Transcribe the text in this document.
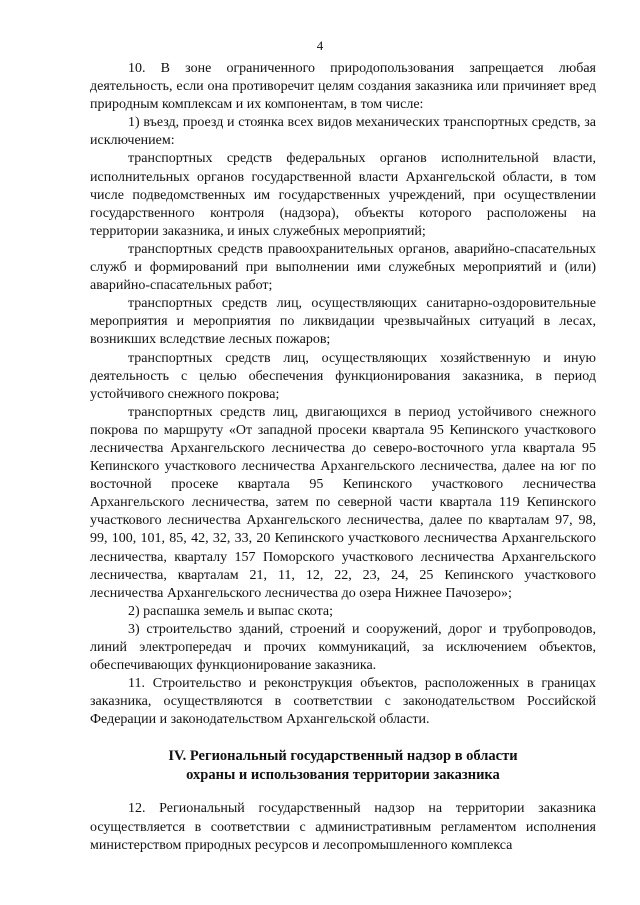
4

10. В зоне ограниченного природопользования запрещается любая деятельность, если она противоречит целям создания заказника или причиняет вред природным комплексам и их компонентам, в том числе:

1) въезд, проезд и стоянка всех видов механических транспортных средств, за исключением:

транспортных средств федеральных органов исполнительной власти, исполнительных органов государственной власти Архангельской области, в том числе подведомственных им государственных учреждений, при осуществлении государственного контроля (надзора), объекты которого расположены на территории заказника, и иных служебных мероприятий;

транспортных средств правоохранительных органов, аварийно-спасательных служб и формирований при выполнении ими служебных мероприятий и (или) аварийно-спасательных работ;

транспортных средств лиц, осуществляющих санитарно-оздоровительные мероприятия и мероприятия по ликвидации чрезвычайных ситуаций в лесах, возникших вследствие лесных пожаров;

транспортных средств лиц, осуществляющих хозяйственную и иную деятельность с целью обеспечения функционирования заказника, в период устойчивого снежного покрова;

транспортных средств лиц, двигающихся в период устойчивого снежного покрова по маршруту «От западной просеки квартала 95 Кепинского участкового лесничества Архангельского лесничества до северо-восточного угла квартала 95 Кепинского участкового лесничества Архангельского лесничества, далее на юг по восточной просеке квартала 95 Кепинского участкового лесничества Архангельского лесничества, затем по северной части квартала 119 Кепинского участкового лесничества Архангельского лесничества, далее по кварталам 97, 98, 99, 100, 101, 85, 42, 32, 33, 20 Кепинского участкового лесничества Архангельского лесничества, кварталу 157 Поморского участкового лесничества Архангельского лесничества, кварталам 21, 11, 12, 22, 23, 24, 25 Кепинского участкового лесничества Архангельского лесничества до озера Нижнее Пачозеро»;

2) распашка земель и выпас скота;

3) строительство зданий, строений и сооружений, дорог и трубопроводов, линий электропередач и прочих коммуникаций, за исключением объектов, обеспечивающих функционирование заказника.

11. Строительство и реконструкция объектов, расположенных в границах заказника, осуществляются в соответствии с законодательством Российской Федерации и законодательством Архангельской области.

IV. Региональный государственный надзор в области
охраны и использования территории заказника

12. Региональный государственный надзор на территории заказника осуществляется в соответствии с административным регламентом исполнения министерством природных ресурсов и лесопромышленного комплекса
